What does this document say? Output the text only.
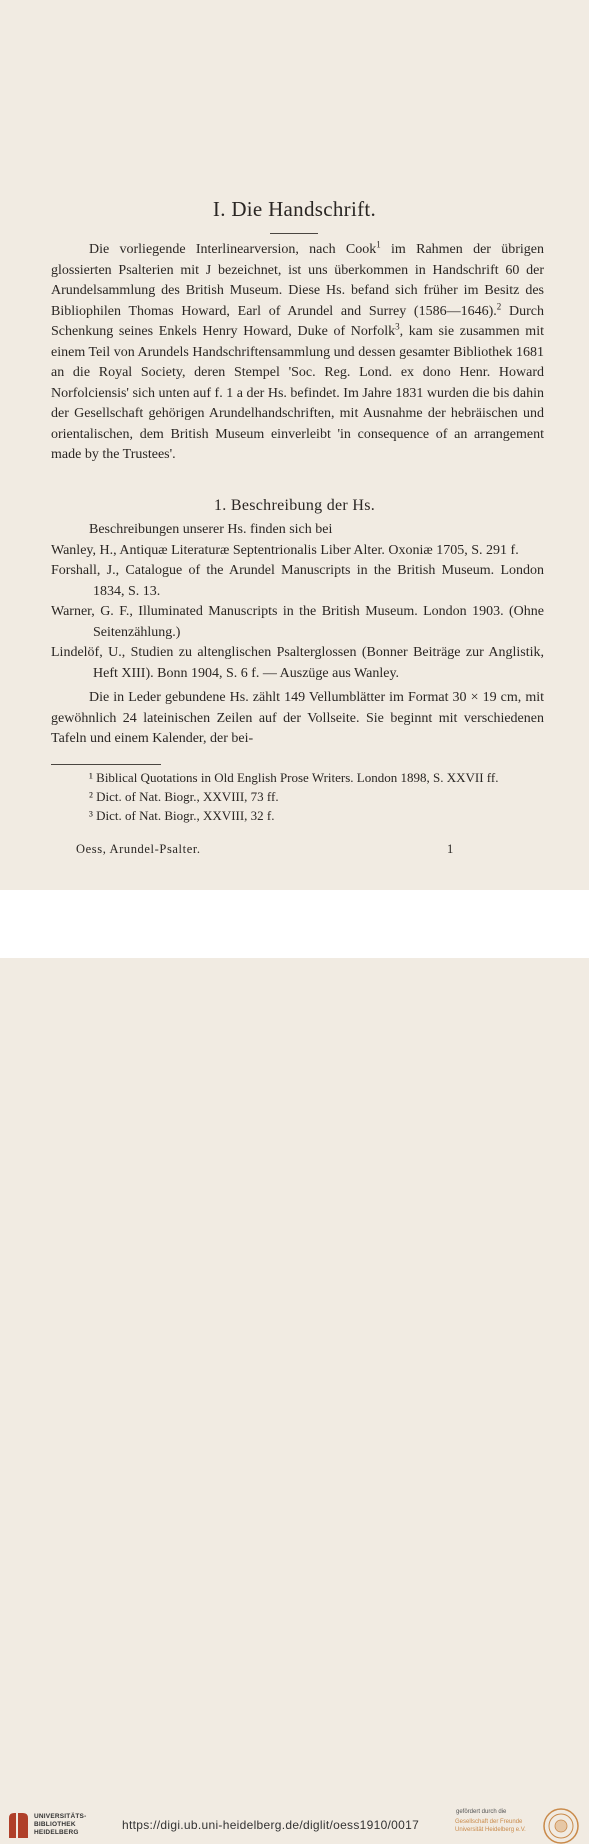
I. Die Handschrift.

Die vorliegende Interlinearversion, nach Cook$^1$ im Rahmen der übrigen glossierten Psalterien mit J bezeichnet, ist uns überkommen in Handschrift 60 der Arundelsammlung des British Museum. Diese Hs. befand sich früher im Besitz des Bibliophilen Thomas Howard, Earl of Arundel and Surrey (1586—1646).$^2$ Durch Schenkung seines Enkels Henry Howard, Duke of Norfolk$^3$, kam sie zusammen mit einem Teil von Arundels Handschriftensammlung und dessen gesamter Bibliothek 1681 an die Royal Society, deren Stempel 'Soc. Reg. Lond. ex dono Henr. Howard Norfolciensis' sich unten auf f. 1 a der Hs. befindet. Im Jahre 1831 wurden die bis dahin der Gesellschaft gehörigen Arundelhandschriften, mit Ausnahme der hebräischen und orientalischen, dem British Museum einverleibt 'in consequence of an arrangement made by the Trustees'.

1. Beschreibung der Hs.

Beschreibungen unserer Hs. finden sich bei

Wanley, H., Antiquæ Literaturæ Septentrionalis Liber Alter. Oxoniæ 1705, S. 291 f.

Forshall, J., Catalogue of the Arundel Manuscripts in the British Museum. London 1834, S. 13.

Warner, G. F., Illuminated Manuscripts in the British Museum. London 1903. (Ohne Seitenzählung.)

Lindelöf, U., Studien zu altenglischen Psalterglossen (Bonner Beiträge zur Anglistik, Heft XIII). Bonn 1904, S. 6 f. — Auszüge aus Wanley.

Die in Leder gebundene Hs. zählt 149 Vellumblätter im Format 30 × 19 cm, mit gewöhnlich 24 lateinischen Zeilen auf der Vollseite. Sie beginnt mit verschiedenen Tafeln und einem Kalender, der bei-

¹ Biblical Quotations in Old English Prose Writers. London 1898, S. XXVII ff.

² Dict. of Nat. Biogr., XXVIII, 73 ff.

³ Dict. of Nat. Biogr., XXVIII, 32 f.

Oess, Arundel-Psalter.	1
UNIVERSITÄTS-
BIBLIOTHEK
HEIDELBERG
https://digi.ub.uni-heidelberg.de/diglit/oess1910/0017
gefördert durch die
Gesellschaft der Freunde
Universität Heidelberg e.V.
